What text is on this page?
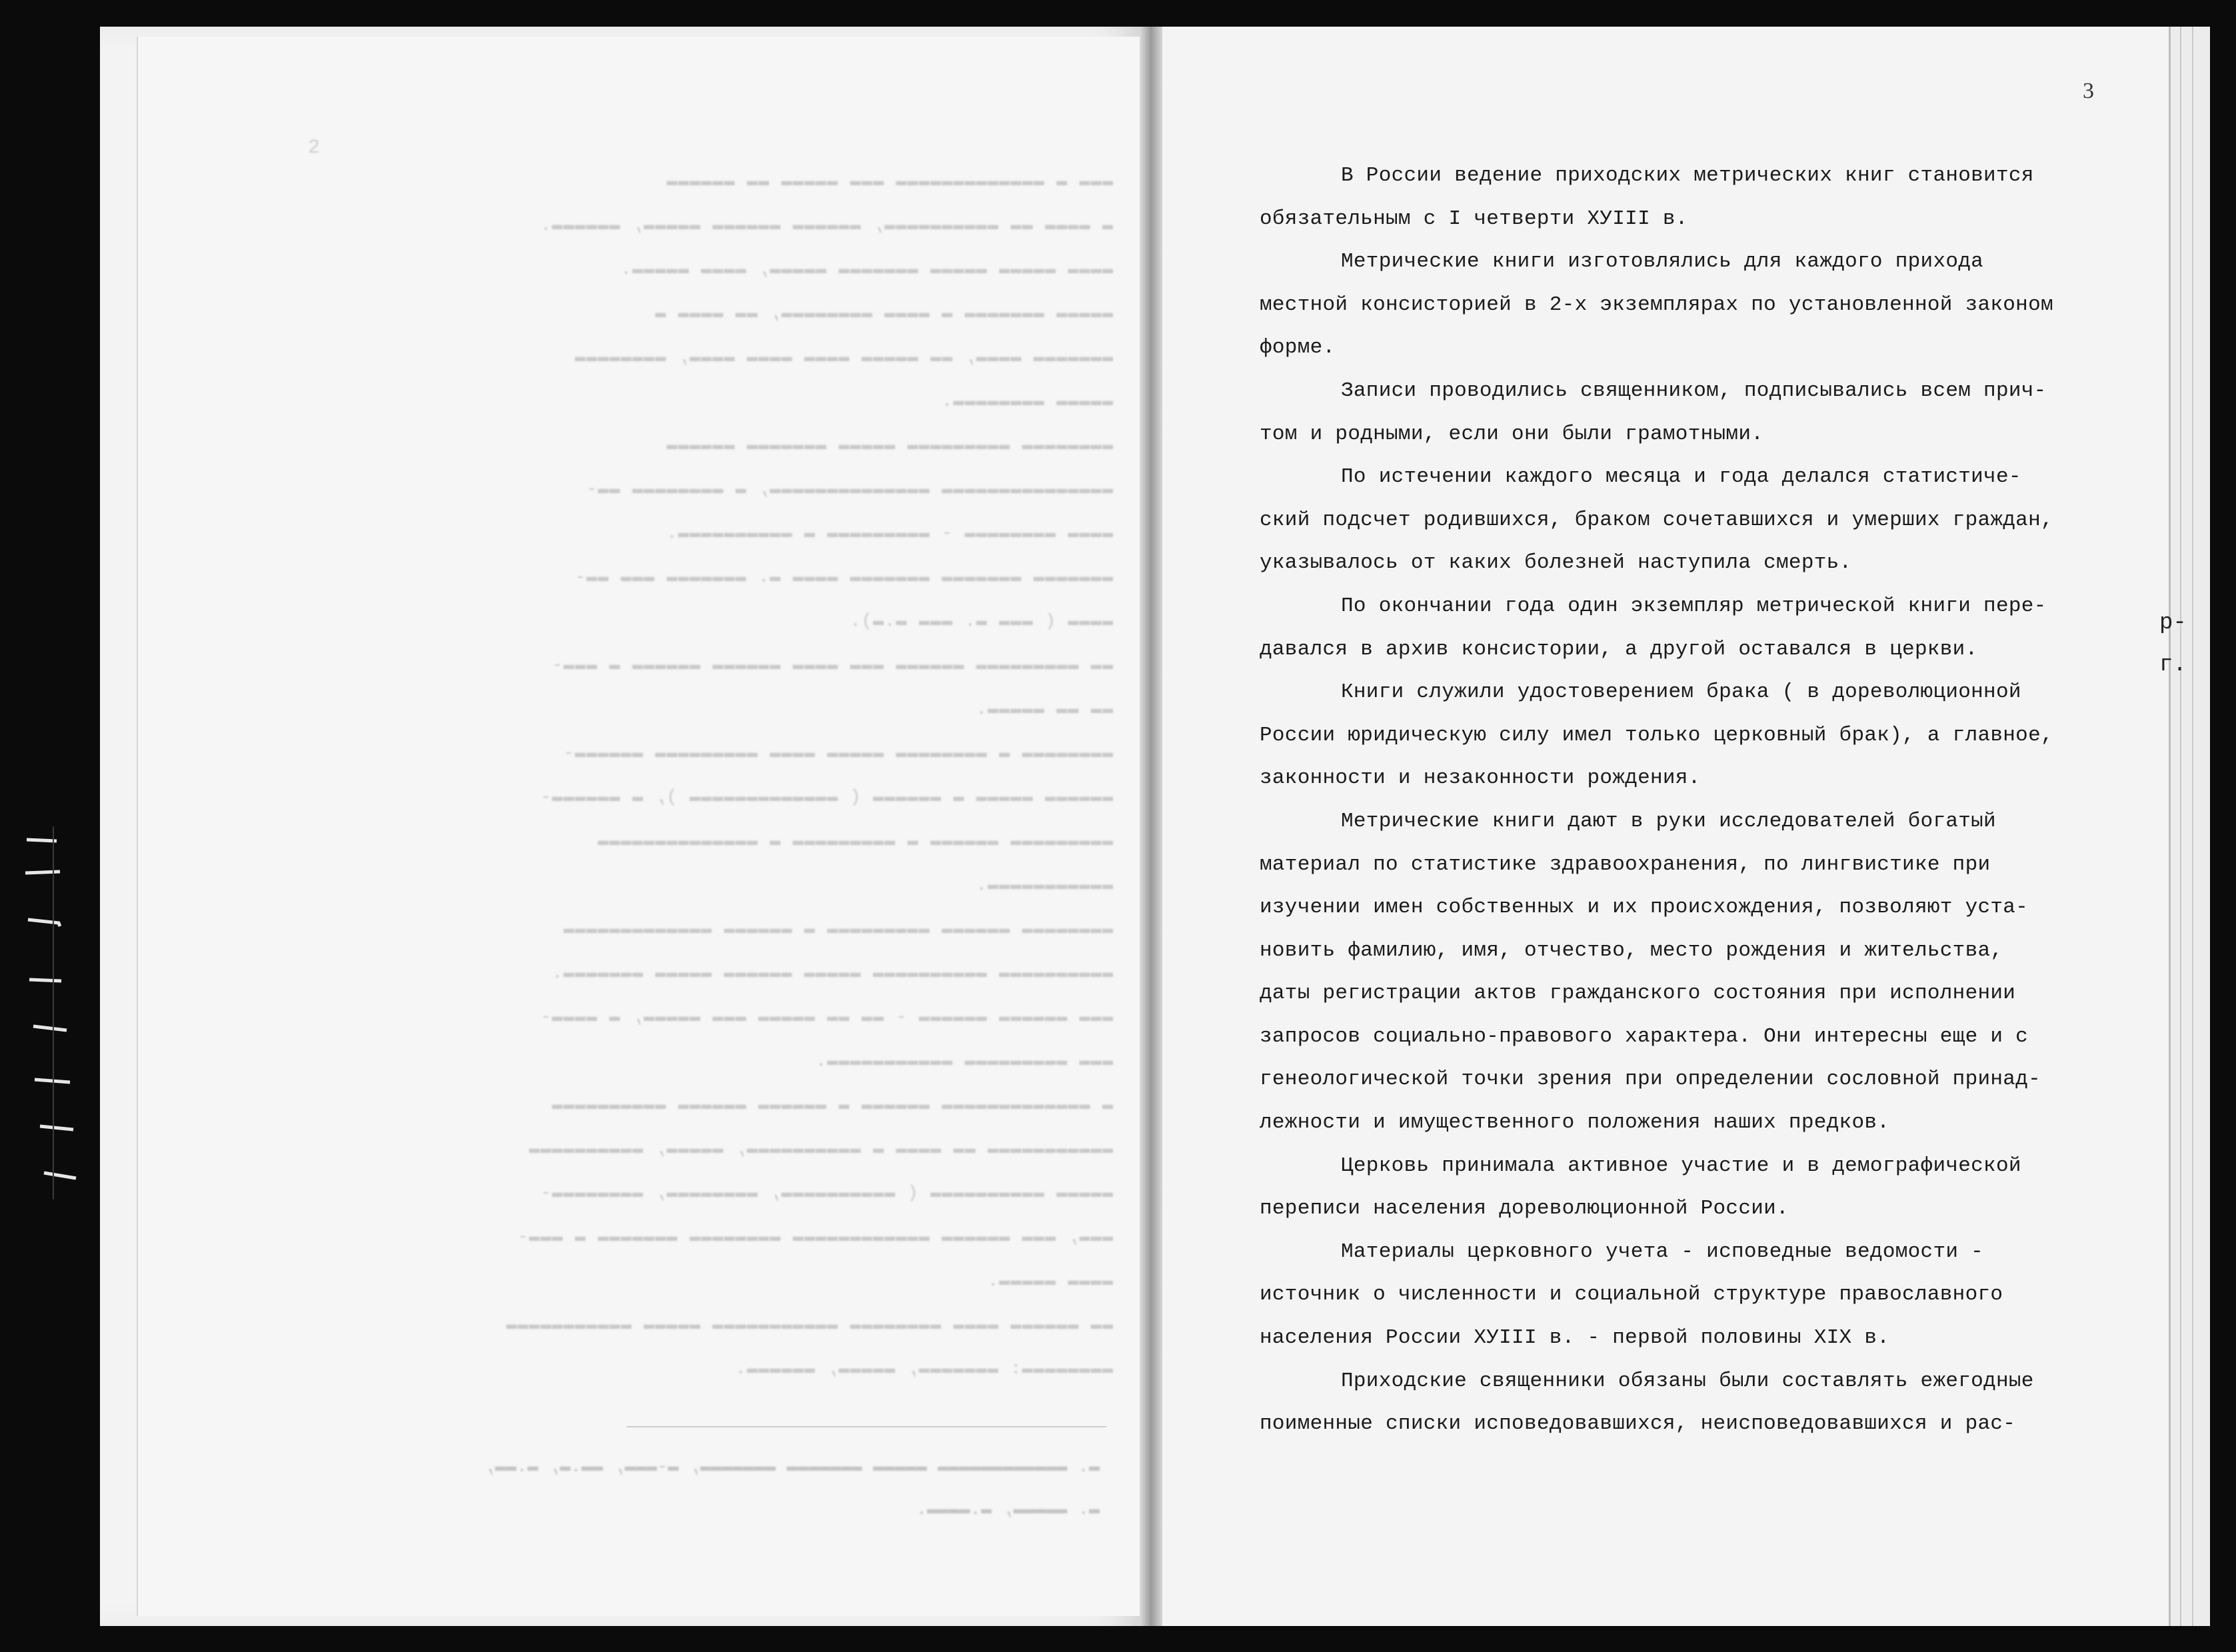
2
▬▬▬ ▬ ▬▬▬▬▬▬▬▬▬▬▬▬▬ ▬▬▬ ▬▬▬▬▬ ▬▬ ▬▬▬▬▬▬
▬ ▬▬▬▬ ▬▬ ▬▬▬▬▬▬▬▬▬▬, ▬▬▬▬▬▬ ▬▬▬▬▬▬ ▬▬▬▬▬, ▬▬▬▬▬▬.
▬▬▬▬ ▬▬▬▬▬ ▬▬▬▬▬ ▬▬▬▬▬▬▬ ▬▬▬▬▬, ▬▬▬▬ ▬▬▬▬▬.
▬▬▬▬▬ ▬▬▬▬▬▬▬ ▬ ▬▬▬▬ ▬▬▬▬▬▬▬▬, ▬▬ ▬▬▬▬ ▬
▬▬▬▬▬▬▬ ▬▬▬▬, ▬▬ ▬▬▬▬▬ ▬▬▬▬ ▬▬▬▬ ▬▬▬▬, ▬▬▬▬▬▬▬▬
▬▬▬▬▬ ▬▬▬▬▬▬▬▬.
▬▬▬▬▬▬▬▬ ▬▬▬▬▬▬▬▬▬ ▬▬▬▬▬ ▬▬▬▬▬▬▬ ▬▬▬▬▬▬
▬▬▬▬▬▬▬▬▬▬▬▬▬▬▬ ▬▬▬▬▬▬▬▬▬▬▬▬▬▬, ▬ ▬▬▬▬▬▬▬▬ ▬▬-
▬▬▬▬ ▬▬▬▬▬▬▬▬ - ▬▬▬▬▬▬▬▬▬ ▬ ▬▬▬▬▬▬▬▬▬▬.
▬▬▬▬▬▬▬ ▬▬▬▬▬▬▬ ▬▬▬▬▬▬▬ ▬▬▬▬ ▬. ▬▬▬▬▬▬▬ ▬▬▬ ▬▬-
▬▬▬▬ ( ▬▬▬ ▬. ▬▬▬ ▬.▬).
▬▬ ▬▬▬▬▬▬▬▬▬ ▬▬▬▬▬▬ ▬▬▬ ▬▬▬▬ ▬▬▬▬▬▬ ▬▬▬▬▬▬ ▬ ▬▬▬-
▬▬ ▬▬ ▬▬▬▬▬.
▬▬▬▬▬▬▬▬ ▬ ▬▬▬▬▬▬▬▬ ▬▬▬▬▬ ▬▬▬▬ ▬▬▬▬▬▬▬▬▬ ▬▬▬▬▬▬-
▬▬▬▬▬▬ ▬▬▬▬▬ ▬ ▬▬▬▬▬▬ ( ▬▬▬▬▬▬▬▬▬▬▬▬▬ ), ▬ ▬▬▬▬▬▬-
▬▬▬▬▬▬▬▬▬ ▬▬▬▬▬▬ ▬ ▬▬▬▬▬▬▬▬▬ ▬ ▬▬▬▬▬▬▬▬▬▬▬▬▬▬
▬▬▬▬▬▬▬▬▬▬▬.
▬▬▬▬▬▬▬▬ ▬▬▬▬▬▬ ▬▬▬▬▬▬▬▬▬ ▬ ▬▬▬▬▬▬ ▬▬▬▬▬▬▬▬▬▬▬▬▬
▬▬▬▬▬▬▬▬▬▬ ▬▬▬▬▬▬▬▬▬▬ ▬▬▬▬▬ ▬▬▬▬▬▬ ▬▬▬▬▬ ▬▬▬▬▬▬▬.
▬▬▬ ▬▬▬▬▬▬ ▬▬▬▬▬▬ - ▬▬ ▬▬ ▬▬▬▬▬ ▬▬▬ ▬▬▬▬▬, ▬ ▬▬▬▬-
▬▬▬ ▬▬▬▬▬▬▬▬▬ ▬▬▬▬▬▬▬▬▬▬▬.
▬ ▬▬▬▬▬▬▬▬▬▬▬▬▬ ▬▬▬▬▬▬ ▬ ▬▬▬▬▬▬ ▬▬▬▬▬▬ ▬▬▬▬▬▬▬▬▬▬
▬▬▬▬▬▬▬▬▬▬▬ ▬▬ ▬▬▬▬ ▬ ▬▬▬▬▬▬▬▬▬▬, ▬▬▬▬▬, ▬▬▬▬▬▬▬▬▬▬
▬▬▬▬▬ ▬▬▬▬▬▬▬▬▬▬ ( ▬▬▬▬▬▬▬▬▬▬, ▬▬▬▬▬▬▬▬, ▬▬▬▬▬▬▬▬-
▬▬▬, ▬▬▬ ▬▬▬▬▬▬ ▬▬▬▬▬▬▬▬▬▬▬▬ ▬▬▬▬▬▬▬▬ ▬▬▬▬▬▬▬ ▬ ▬▬▬-
▬▬▬▬ ▬▬▬▬▬.
▬▬ ▬▬▬▬▬▬ ▬▬▬▬ ▬▬▬▬▬▬▬▬ ▬▬▬▬▬▬▬▬▬▬▬ ▬▬▬▬▬ ▬▬▬▬▬▬▬▬▬▬▬
▬▬▬▬▬▬▬▬: ▬▬▬▬▬▬▬, ▬▬▬▬▬, ▬▬▬▬▬▬.
▬. ▬▬▬▬▬▬▬▬▬▬▬▬ ▬▬▬▬▬ ▬▬▬▬▬▬▬ ▬▬▬▬▬▬▬, ▬-▬▬▬, ▬▬.▬, ▬.▬▬,
▬. ▬▬▬▬▬, ▬.▬▬▬▬.
3
В России ведение приходских метрических книг становится
обязательным с I четверти ХУIII в.
Метрические книги изготовлялись для каждого прихода
местной консисторией в 2-х экземплярах по установленной законом
форме.
Записи проводились священником, подписывались всем прич-
том и родными, если они были грамотными.
По истечении каждого месяца и года делался статистиче-
ский подсчет родившихся, браком сочетавшихся и умерших граждан,
указывалось от каких болезней наступила смерть.
По окончании года один экземпляр метрической книги пере-
давался в архив консистории, а другой оставался в церкви.
Книги служили удостоверением брака ( в дореволюционной
России юридическую силу имел только церковный брак), а главное,
законности и незаконности рождения.
Метрические книги дают в руки исследователей богатый
материал по статистике здравоохранения, по лингвистике при
изучении имен собственных и их происхождения, позволяют уста-
новить фамилию, имя, отчество, место рождения и жительства,
даты регистрации актов гражданского состояния при исполнении
запросов социально-правового характера. Они интересны еще и с
генеологической точки зрения при определении сословной принад-
лежности и имущественного положения наших предков.
Церковь принимала активное участие и в демографической
переписи населения дореволюционной России.
Материалы церковного учета - исповедные ведомости -
источник о численности и социальной структуре православного
населения России ХУIII в. - первой половины XIX в.
Приходские священники обязаны были составлять ежегодные
поименные списки исповедовавшихся, неисповедовавшихся и рас-
р-
г.
